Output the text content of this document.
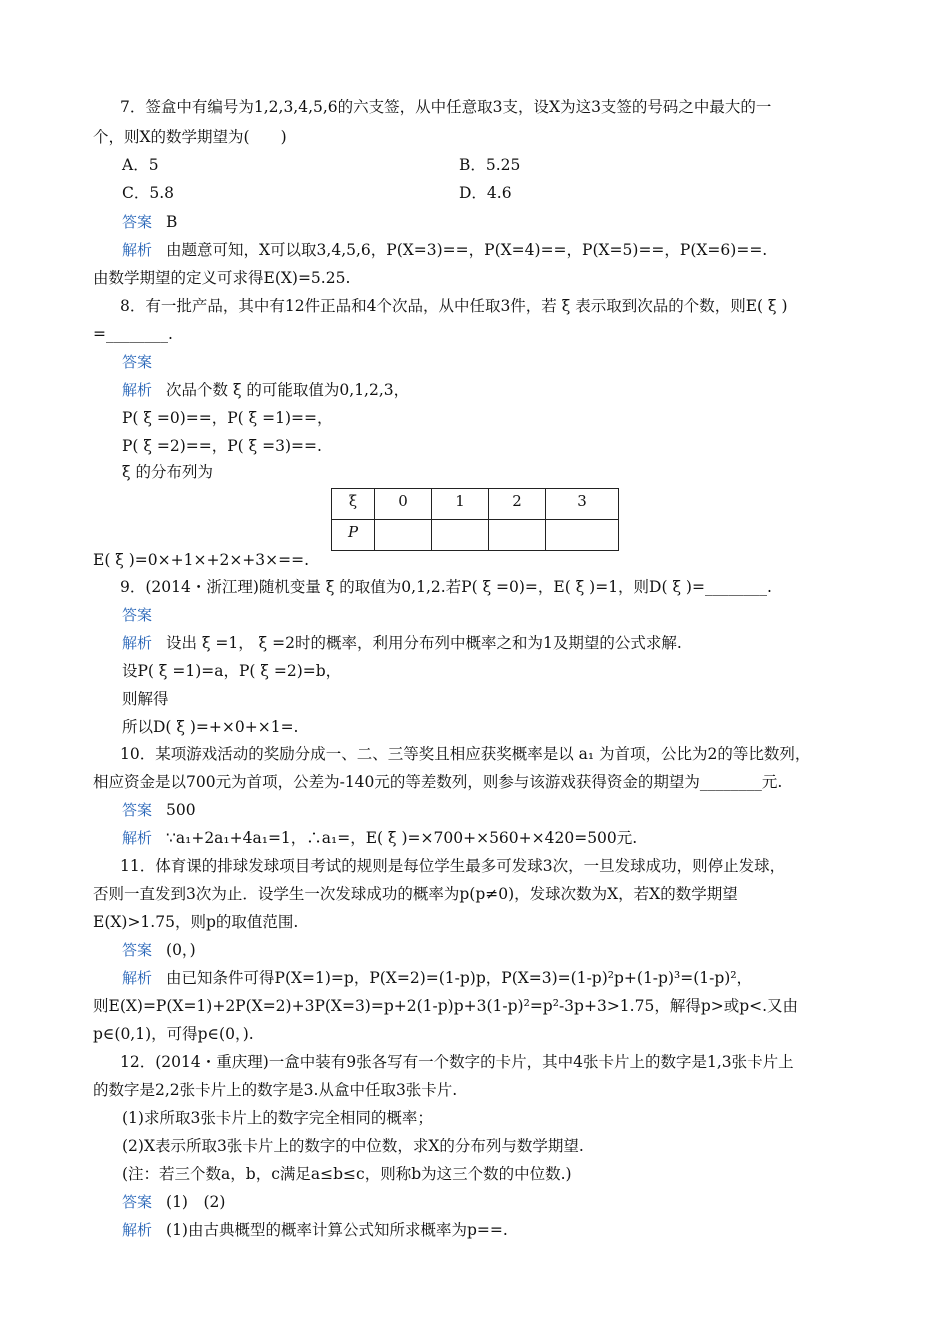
7．签盒中有编号为1,2,3,4,5,6的六支签，从中任意取3支，设X为这3支签的号码之中最大的一
个，则X的数学期望为(　　)
A．5	B．5.25
C．5.8	D．4.6
答案 B
解析 由题意可知，X可以取3,4,5,6，P(X=3)==，P(X=4)==，P(X=5)==，P(X=6)==.
由数学期望的定义可求得E(X)=5.25.
8．有一批产品，其中有12件正品和4个次品，从中任取3件，若 ξ 表示取到次品的个数，则E( ξ )
=________.
答案
解析 次品个数 ξ 的可能取值为0,1,2,3，
P( ξ =0)==，P( ξ =1)==，
P( ξ =2)==，P( ξ =3)==.
ξ 的分布列为
ξ	0	1	2	3
P				
E( ξ )=0×+1×+2×+3×==.
9．(2014・浙江理)随机变量 ξ 的取值为0,1,2.若P( ξ =0)=，E( ξ )=1，则D( ξ )=________.
答案
解析 设出 ξ =1， ξ =2时的概率，利用分布列中概率之和为1及期望的公式求解.
设P( ξ =1)=a，P( ξ =2)=b，
则解得
所以D( ξ )=+×0+×1=.
10．某项游戏活动的奖励分成一、二、三等奖且相应获奖概率是以 a₁ 为首项，公比为2的等比数列，
相应资金是以700元为首项，公差为-140元的等差数列，则参与该游戏获得资金的期望为________元.
答案 500
解析 ∵a₁+2a₁+4a₁=1，∴a₁=，E( ξ )=×700+×560+×420=500元.
11．体育课的排球发球项目考试的规则是每位学生最多可发球3次，一旦发球成功，则停止发球，
否则一直发到3次为止．设学生一次发球成功的概率为p(p≠0)，发球次数为X，若X的数学期望
E(X)>1.75，则p的取值范围.
答案 (0，)
解析 由已知条件可得P(X=1)=p，P(X=2)=(1-p)p，P(X=3)=(1-p)²p+(1-p)³=(1-p)²，
则E(X)=P(X=1)+2P(X=2)+3P(X=3)=p+2(1-p)p+3(1-p)²=p²-3p+3>1.75，解得p>或p<.又由
p∈(0,1)，可得p∈(0，).
12．(2014・重庆理)一盒中装有9张各写有一个数字的卡片，其中4张卡片上的数字是1,3张卡片上
的数字是2,2张卡片上的数字是3.从盒中任取3张卡片.
(1)求所取3张卡片上的数字完全相同的概率；
(2)X表示所取3张卡片上的数字的中位数，求X的分布列与数学期望.
(注：若三个数a，b，c满足a≤b≤c，则称b为这三个数的中位数.)
答案 (1)　(2)
解析 (1)由古典概型的概率计算公式知所求概率为p==.
